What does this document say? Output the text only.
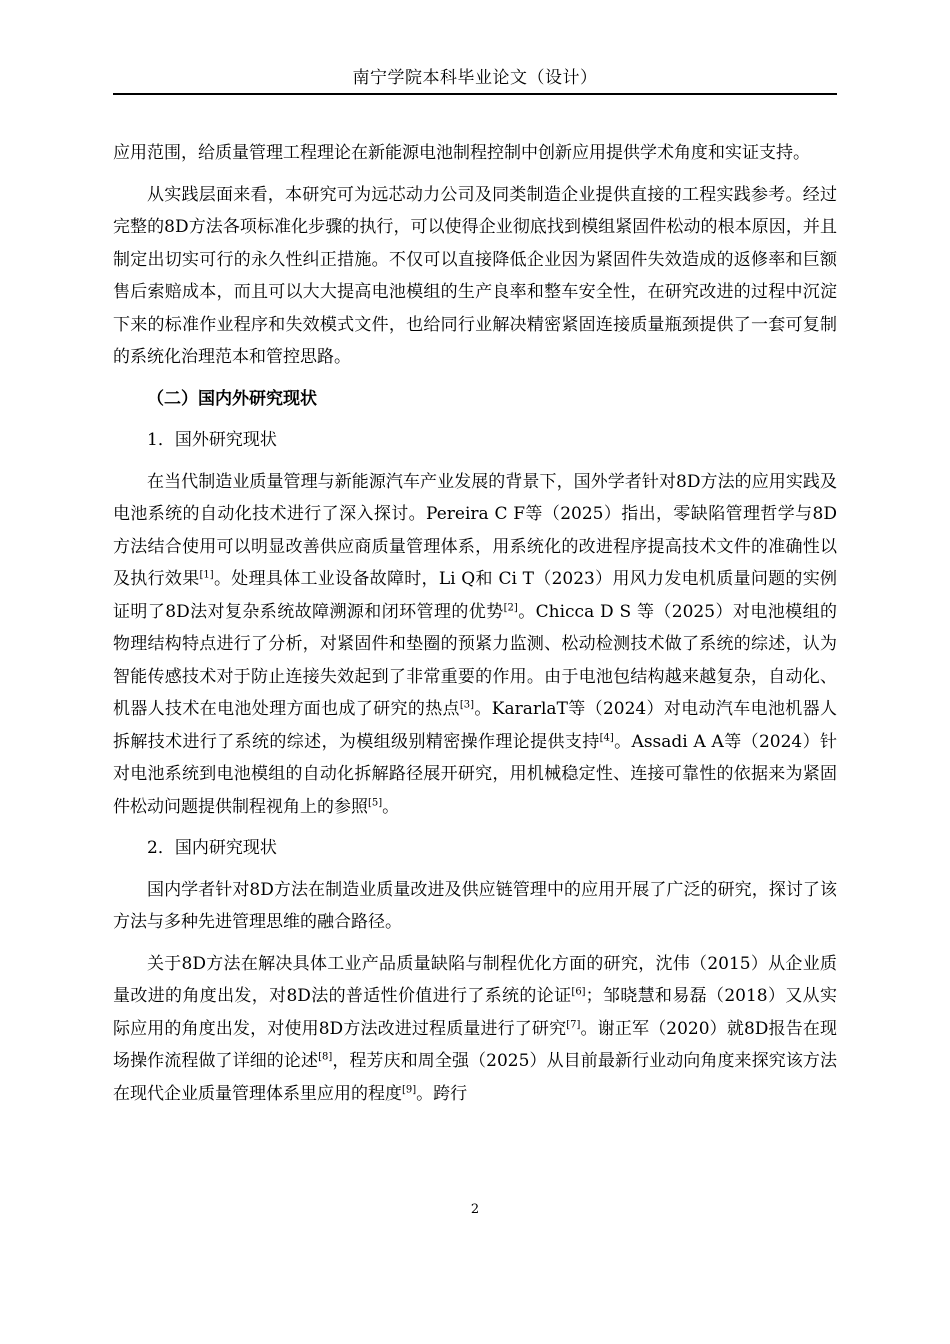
南宁学院本科毕业论文（设计）

应用范围，给质量管理工程理论在新能源电池制程控制中创新应用提供学术角度和实证支持。

从实践层面来看，本研究可为远芯动力公司及同类制造企业提供直接的工程实践参考。经过完整的8D方法各项标准化步骤的执行，可以使得企业彻底找到模组紧固件松动的根本原因，并且制定出切实可行的永久性纠正措施。不仅可以直接降低企业因为紧固件失效造成的返修率和巨额售后索赔成本，而且可以大大提高电池模组的生产良率和整车安全性，在研究改进的过程中沉淀下来的标准作业程序和失效模式文件，也给同行业解决精密紧固连接质量瓶颈提供了一套可复制的系统化治理范本和管控思路。

（二）国内外研究现状

1．国外研究现状

在当代制造业质量管理与新能源汽车产业发展的背景下，国外学者针对8D方法的应用实践及电池系统的自动化技术进行了深入探讨。Pereira C F等（2025）指出，零缺陷管理哲学与8D方法结合使用可以明显改善供应商质量管理体系，用系统化的改进程序提高技术文件的准确性以及执行效果[1]。处理具体工业设备故障时，Li Q和 Ci T（2023）用风力发电机质量问题的实例证明了8D法对复杂系统故障溯源和闭环管理的优势[2]。Chicca D S 等（2025）对电池模组的物理结构特点进行了分析，对紧固件和垫圈的预紧力监测、松动检测技术做了系统的综述，认为智能传感技术对于防止连接失效起到了非常重要的作用。由于电池包结构越来越复杂，自动化、机器人技术在电池处理方面也成了研究的热点[3]。KararlaT等（2024）对电动汽车电池机器人拆解技术进行了系统的综述，为模组级别精密操作理论提供支持[4]。Assadi A A等（2024）针对电池系统到电池模组的自动化拆解路径展开研究，用机械稳定性、连接可靠性的依据来为紧固件松动问题提供制程视角上的参照[5]。

2．国内研究现状

国内学者针对8D方法在制造业质量改进及供应链管理中的应用开展了广泛的研究，探讨了该方法与多种先进管理思维的融合路径。

关于8D方法在解决具体工业产品质量缺陷与制程优化方面的研究，沈伟（2015）从企业质量改进的角度出发，对8D法的普适性价值进行了系统的论证[6]；邹晓慧和易磊（2018）又从实际应用的角度出发，对使用8D方法改进过程质量进行了研究[7]。谢正军（2020）就8D报告在现场操作流程做了详细的论述[8]，程芳庆和周全强（2025）从目前最新行业动向角度来探究该方法在现代企业质量管理体系里应用的程度[9]。跨行

2
